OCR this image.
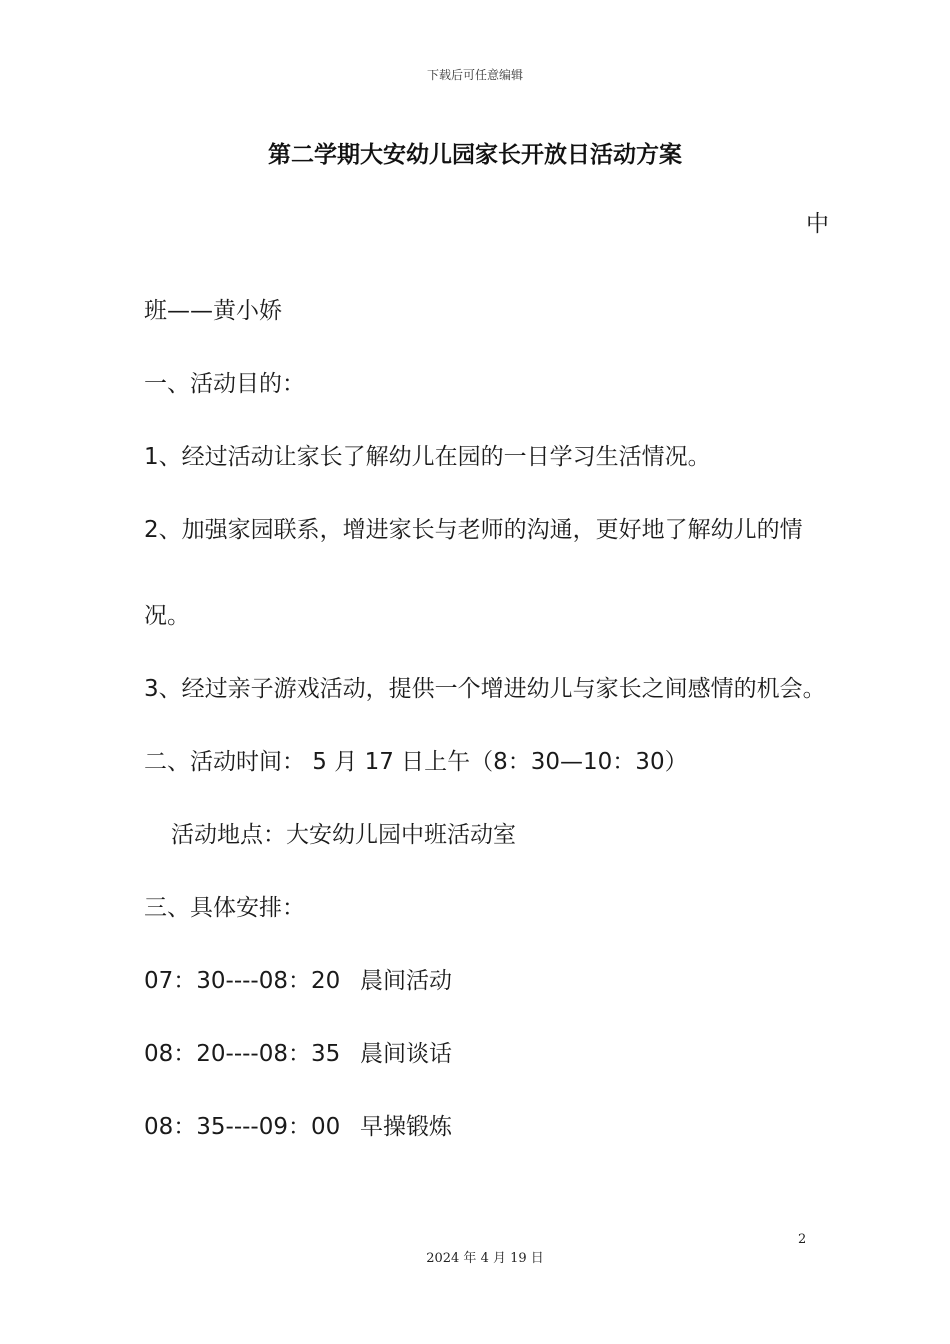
下载后可任意编辑
第二学期大安幼儿园家长开放日活动方案
中
班——黄小娇
一、活动目的：
1、经过活动让家长了解幼儿在园的一日学习生活情况。
2、加强家园联系，增进家长与老师的沟通，更好地了解幼儿的情
况。
3、经过亲子游戏活动，提供一个增进幼儿与家长之间感情的机会。
二、活动时间： 5 月 17 日上午（8：30—10：30）
活动地点：大安幼儿园中班活动室
三、具体安排：
07：30----08：20 晨间活动
08：20----08：35 晨间谈话
08：35----09：00 早操锻炼
2
2024 年 4 月 19 日
